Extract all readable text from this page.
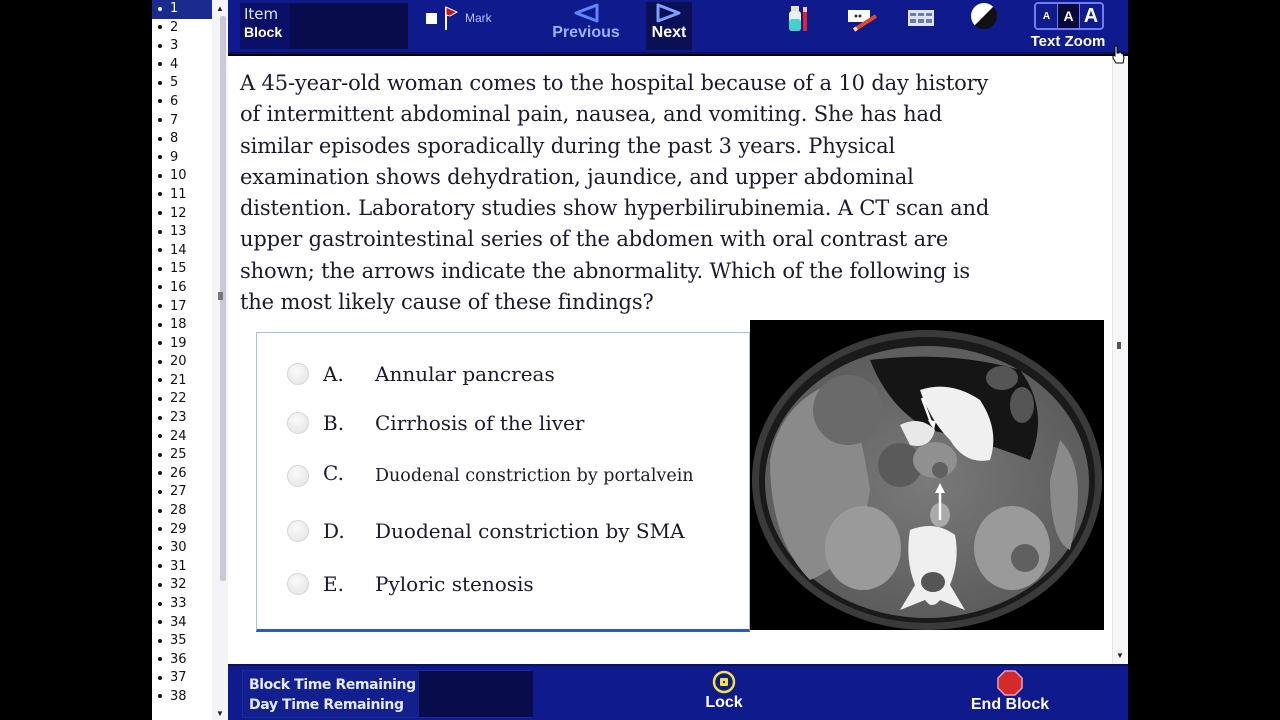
1
2
3
4
5
6
7
8
9
10
11
12
13
14
15
16
17
18
19
20
21
22
23
24
25
26
27
28
29
30
31
32
33
34
35
36
37
38
▲
▼
Item
Block
Mark
Previous	Next
A A A
Text Zoom
A 45-year-old woman comes to the hospital because of a 10 day history
of intermittent abdominal pain, nausea, and vomiting. She has had
similar episodes sporadically during the past 3 years. Physical
examination shows dehydration, jaundice, and upper abdominal
distention. Laboratory studies show hyperbilirubinemia. A CT scan and
upper gastrointestinal series of the abdomen with oral contrast are
shown; the arrows indicate the abnormality. Which of the following is
the most likely cause of these findings?
A.	Annular pancreas
B.	Cirrhosis of the liver
C.	Duodenal constriction by portalvein
D.	Duodenal constriction by SMA
E.	Pyloric stenosis
▼
Block Time Remaining
Day Time Remaining	Lock	End Block
